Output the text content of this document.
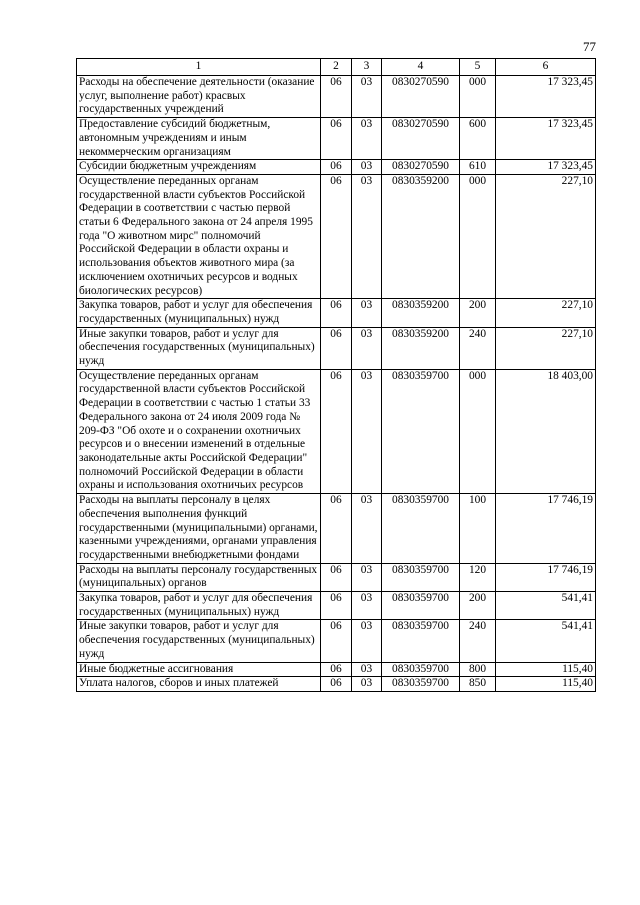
77
1	2	3	4	5	6
Расходы на обеспечение деятельности (оказание услуг, выполнение работ) красвых государственных учреждений	06	03	0830270590	000	17 323,45
Предоставление субсидий бюджетным, автономным учреждениям и иным некоммерческим организациям	06	03	0830270590	600	17 323,45
Субсидии бюджетным учреждениям	06	03	0830270590	610	17 323,45
Осуществление переданных органам государственной власти субъектов Российской Федерации в соответствии с частью первой статьи 6 Федерального закона от 24 апреля 1995 года "О животном мирс" полномочий Российской Федерации в области охраны и использования объектов животного мира (за исключением охотничьих ресурсов и водных биологических ресурсов)	06	03	0830359200	000	227,10
Закупка товаров, работ и услуг для обеспечения государственных (муниципальных) нужд	06	03	0830359200	200	227,10
Иные закупки товаров, работ и услуг для обеспечения государственных (муниципальных) нужд	06	03	0830359200	240	227,10
Осуществление переданных органам государственной власти субъектов Российской Федерации в соответствии с частью 1 статьи 33 Федерального закона от 24 июля 2009 года № 209-ФЗ "Об охоте и о сохранении охотничьих ресурсов и о внесении изменений в отдельные законодательные акты Российской Федерации" полномочий Российской Федерации в области охраны и использования охотничьих ресурсов	06	03	0830359700	000	18 403,00
Расходы на выплаты персоналу в целях обеспечения выполнения функций государственными (муниципальными) органами, казенными учреждениями, органами управления государственными внебюджетными фондами	06	03	0830359700	100	17 746,19
Расходы на выплаты персоналу государственных (муниципальных) органов	06	03	0830359700	120	17 746,19
Закупка товаров, работ и услуг для обеспечения государственных (муниципальных) нужд	06	03	0830359700	200	541,41
Иные закупки товаров, работ и услуг для обеспечения государственных (муниципальных) нужд	06	03	0830359700	240	541,41
Иные бюджетные ассигнования	06	03	0830359700	800	115,40
Уплата налогов, сборов и иных платежей	06	03	0830359700	850	115,40
